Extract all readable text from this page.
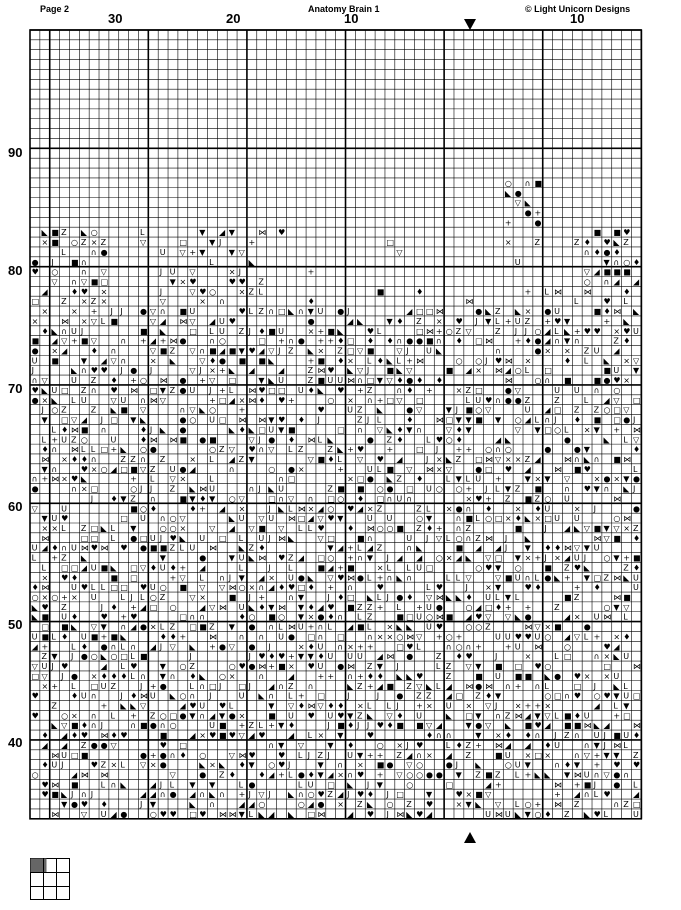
Page 2	Anatomy Brain 1	© Light Unicorn Designs
30	20	10	10
90
80
70
60
50
40
○ ∩ ■
◣ ●
▽ ◣
● +
+	●
◣ ■ Z ◣ ○	L	▼ ◢ ▼	⋈ ♥	■ ■ ♥
× ■ ○ Z × Z	▽	□	▼ J	+	□	×	Z	Z ♦ ♥ ◣ Z
L	∩ ●	U ▽ + ▼	▼ ▽	▽	∩ ♦ ● ♦
● J ■ ∩	L	◣	U	▼ ∩ ○ ♦
♥ ○	∩ ▽	J U ▽	× J	+	▽ ◢ ■ ■ ■
▽ ∩ ▽ ■ □	▼ × ♥	♥ ♥ Z	○ ∩ ◢ ◢
◢	♦ ♥ ×	J	▽ ♥ ○	× Z L	■	♦	+ L ⋈	⋈	♦
□	Z × Z ×	▽	× ∩	♦	⋈	L	♥ L
×	× + J J ● ▽ ∩ ■ U	♥ L Z ∩ □ ◣ ∩ ▼ U ● J	◢ □ □ ⋈	● ◣ Z ◣ × ● U	■ ♦ ⋈ ◣
×	⋈ × ▽ L ■	▽ ◢ ⋈ ▽ ◢ U ♥	●	◢ ◣	▼ ♦ Z × ♥ J ▼ L + U Z + ♥ ▼	+ ◣
♦ ◣ ∩ U J	■ ◣	□ L U Z J ♦ ■ U	× + ■ ◣	♥ L	□ ⋈ + ○ Z ▽	Z J J ○ ◢ L ◣ + ♥ ♥ × ♥ U
■ ◢ ▽ + ■ ▽	∩ + ◢ + ⋈ ●	∩ ○	□ + ∩ ● + + ♦ □ ♦ ♦ ∩ ● ● ■ ∩ ♦ □ ⋈	+ ♦ ● ◢ ∩ ▼ ∩	Z ♦
● × ◢	♦ ∩	▽ ■ Z ▽ ∩ ■ ◢ ■ ▼ ♥ ◢ ▽ J Z ◣ × Z □ ▽ ■	▽ J U ◣	∩	● × × Z U ◢
U ■	▼ ◢ ▽ ∩	× ◣	▽ ♦ ● ■ ■ ◣	+ ■ ♦ × L ♦ ◣ L + ⋈	○ ○ J ♥ ⋈ ×	♦ L ◣ × ▽
J	◣ ∩ ♥ ♥ J ● J	▽ J × + ◣ ◢	◢	Z ⋈ ♥ ◣ ▽ J ■ ◣ ▽	■ ◢ × ⋈ ◢ ○ L □	■ U ▼
∩ ▽	U Z ♦ + ○ ⋈ ● + ▽ □	▼ ◣ U	Z ■ U U ⋈ ∩ □ ▼ ▽ ♦ ● ♦ ♦	⋈	○ ∩ ■	■ ● ♥ ×
♥ ◣ U □ Z ∩ ♥ ⋈ □ ▼ Z ● U J + L ⋈ ♥ □ □ U ♦ ◣ ♥ + Z	∩ ♦ +	× Z □	● ▽	U U ∩ ○
● × ◣ L U	▽ U ∩ ⋈ ▽	+ □ ◢ × ⋈ ♦ ♥ +	○ × ∩ + □ ▽ □	L U ♥ ∩ ● ● Z	Z	L ◢ ▽ □
J ○ Z	Z ◣ ■ ▽	∩ ▽ ◣ ○	+	♥	U Z ◣	● ▽	▼ J ■ ○ ▽	U ◢ □ Z Z ○ □ ▽
▼ □ ▽ ◢ J □ ▼ ◣	● ○ U □ ⋈ ⋈ ▼ ♥ ♦ J	Z J L	♦	⋈ □ ▼ ▼ ■ ▼ ○ ◢ L ∩ J ♦ ■ □ ● J
L ♦ ⋈ ■ ∩	♦ J ◣ ●	◣ ♦ ◣ □ U ▼ ■	□ ∩ ▽ ◣ ♦ ▼ ∩	▽ ♦ ▼	▽ ▼ □ ○ L × ▼ + ⋈
L + U Z ○	U	♦ ⋈ ⋈ ■ ● ■	▽ J ● ♦ ⋈ L ◣	● Z ♦	L ♥ ○ ♦	◢ ◣	●	◣ L ▽
♦ ∩ ⋈ L L □ + ◣ ○ ●	○ Z ▽ ♥ ∩ ▽ L Z	Z ◣ + ♥	+	□ J + + ○ ∩ ○	●	● ▼	♦
⋈ × ♦ ♦ ∩	Z Z ∩ Z	× L ◢ Z ▼	▽ ■ ♦ L ▽ ♥ ◢	J × ◣ Z □ ⋈ ▽ × × Z ◢	⋈ ∩ ◣ ∩ ■ ⋈
▼ ∩	♥ × ○ ◢ □ ■ ▽ Z U ● ◢	∩	○ ● ×	+	U L ■ ▽ ⋈ × ▽	● □ ♥ ◢	⋈ ■ ♥	L
∩ + ⋈ × ♥ ◣	+ L ▽ ×	L	∩ □	× □ ● ◣ Z ♦	L ▼ L U +	▼ × ▼ ▽	× ● × ▼ ●
●	∩ × □	○ J J Z ◣ ⋈ U	∩ J ◣ U	Z ■ ■ ○ ● □ U ○ ○ + J L ▼ Z ■	∩ ♥ ▼ ∩ ◣ J
J ♦ ▼ Z ∩	■ ▼ ♦ ▼ ○ ▽	□ ∩ ▽ ∩ □ ○ ♦ □ ∩ U ∩	× ♥ + Z ■ Z ○ U	⋈
▽	U	■ ○ ♦	♦ + ◢ ×	J ◣ L ⋈ × ◢ ○ ♥ ◢ × Z	Z L × ● ∩ ♦	× ♦ U	× J	●
▼ U ♥	□ U ∩ ○ ▽	◣ U ▽ U ⋈ □ ◢ ▽ ♥ ▼	U U	○ ▼	∩ ■ L ○ □ × ♦ ◣ × □ U U	○ ⋈
× × L Z □ ◣ L ▼	○ ○ ×	▽ ◢ ▽ ■ ▽ L L ♥	♦ ⋈ ○ ○ ■ Z ♦ + ∩ Z	■	J ◢ ◣ ▽ ■ ▼ ▽ × Z
⋈	□ □ L ● □ U J ♥ ◣ U □ L U J ⋈ ◣	▽ □	■ ∩	U J ▽ L ○ ∩ Z ⋈ J ◣	⋈ ▽ ■ ♦
U ◢ ♦ ∩ U ⋈ ♥ ⋈ ♥ ● ■ ■ Z L U ⋈	◣ Z ♦	▼ ◢ + L ◢ Z	∩ ◣	■ ◢ ◢ J ▼ ♦ ♦ ⋈ ▽ ▼ U
L + Z ◣	▼	●	▼ U ◣ ⋈ ♥ Z ◢ □ ○ + ∩ ▼ J ◢ ◢ ○ × ◢ ◣ ▽ □ ▼ × + J × ◢ U J ○ ▼ + ■
L □ □ ◢ U ■ ◣ □ ▽ ♦ U ♦ + ◢	L	J L	■ ◢ + ■	× L L U □	○ ♥ ▼ ○	■ Z ♥ ◣	Z ♦
× ♥ ♦	■ □	+ ▽ L ∩ J ▼ ◢ × U ● ◣ ▽ ♥ ⋈ ● L + ∩ ◣ ∩	L L ▽	▽ ■ U ∩ L ● ◣ + ▼ □ Z ⋈ ◣ U
♦ ⋈	U ♥ L L □ □ ♥ U ○ ■ ▽ ▽ ⋈ ○ × ∩ ◢ ♦ ♥ □ ♦ + ∩	♥	L ♥	J × ▼	♥ ♦	+ ♦	U
○ × ○ + × U	L J L ○ Z	▽ ×	■ J +	∩ ▼	J ♦ □ ◣ L J ● ♦ ▽ ⋈ ◣ ◣ ♦ U L ▼ L	■ Z	⋈ ■
◣ ♥ Z	J ♦ + ◢ □ ○	◢ ▽ ⋈ U ◣ ♦ ▼ ⋈ ▼ ♦ ◢ ♥ ■ Z Z + L + U ●	○ ◢ □ ♦ + +	Z	○ ▼ ▽
◣ ■ U ♦	♥ + ♥	□ ∩ ∩	♦ ○ ■ ○ ▼ × ● ♦ ∩ L Z	■ □ U ○ ⋈ ■ ◢ ♥ ▽ ▽ ◣ ●	◢ × U ⋈ L
□ ■ ◣ ▽ ▼ ∩ ◢ ● × L Z □ ■ Z ▼ ● ∩ L ⋈ U + ∩ L ◢ ■ L × ◣ ◣ U ♥	○ ○ Z	⋈ ▽ × ■	●
U ■ L ♦ U ■ + ■ ◣	♦ ♦ +	⋈	∩ ∩ U ● □ ∩ □	∩ × × ○ ⋈ ▽ + ○ +	U U ♥ ♥ U ○ ◢ ▽ L + × ♦
◢ +	L ♦ ● ∩ L ∩ ◢ J ▽ ◣ + ● ▽ ● J	× ♦ U ∩ × + +	□ ♥ L	∩ ○ ∩ +	+ U ⋈	○	♥ ◢
Z ▼ J ● ○ ◣ ○ □ L ■	J	J ♥ ♦ ♥ + ▼ ▼ ♦ U U U ◢ ⋈ ●	Z ♦ ♥	J	×	L □	∩ × ◣ U
▽ U J ♥	◢ L ♥	▼ ○ Z	○ ♥ ● ⋈ + ■ × ♥ U ● ⋈ Z ▼ J	L Z ▽ ▼ ■ □ ♥ ○	□	⋈
□ ▽ J ● × ♦ ♦ ♦ L ∩ ▼ ∩ ♦ ◣ ○ ×	∩	◢	+ + ∩ + ♦ ♦ ◣ ◣ ♥	Z	■ U ■ ■ ◣ ● ♥ × × U
× + L □ U Z	J + ●	L ∩ □ J □ J ◢ ∩ Z ∩	◣ Z + ◢ ■ Z ▽ ◣ L ◢ ⋈ ● ⋈ ∩ + ∩ L	□ J ◣ L
♥	♦ U ∩	J ♦ ⋈ U ◣ ○ ∩ J	U ◣ ∩ L + □	J	J ● Z Z ◢ □ Z ♦ ▼	○ □ ∩ ♥ ○ ♥ ▼ U □
Z	+ ◣ ◣ ▽	◢ ♥ U ♥ L	▼ ▽ ♦ ⋈ ▽ ♦ ♦ × L L J + × U × ▽ J × + + ×	◢ L ▼
♥	○ × ∩ L + Z ○ □ ● ▼ ∩ ◢ ▼ ● ×	■ U ♥ U ♥ ▼ Z ◣ ▽ ♦ U	◣ □ ▼ ∩ Z ⋈ ◢ ▼ ▽ L ■ ♦ U	+ □
◣ ▽ ■ ♦ ∩ J	∩ ■ ● ∩ ○	U ■ + Z L + ▼ ♦	J ■ ♦ J J ♥ ♦ ■ ■ ▽ ◢	▼ ● ▽ ◣ ■ ♥ ◢ ■ ■ ⋈ ◣ ◢	⋈
♦ ◢ ♦ ♥ ⋈ ♦ ♥	■	◢ × ♥ ■ ♥ ▽ ◢ ♥	◢ L × ▼	♥	♦ ∩ ∩	▼ × ♦ ♦ ∩ J Z ∩ U J ■ U ♦
◢ ◢ Z ● ● ▽	♥ □	∩ ▼ ▽	▼ ♦	○ × J ♥	L ♦ Z + ⋈ ◢ ◢ ♦ U	∩ ▼ J ⋈ L
⋈ U □ ■	● + ● ∩ ♦ ○	▽ ⋈ ♥	♥ L J Z J U ▼ + + Z ◢ ∩ × ◢ Z	■ U × □ ×	∩ ▽ + ▼ ▼ Z
♦ U J	♥ Z × L ▽ × ●	◣ × ◣ ♦ ▼ ○ ♥ J	▼ ∩ × ■ ● ▽ ○	● J ◣	○ U ▼	∩ ♦ ▼ + ♥ ♥
○	◢ ⋈ ⋈	▽	● Z ♦	♦ ◢ + L ● ♦ ▼ ◢ × ∩ ♥ + ▽ ○ ○ ● ● ▼ Z ■ Z L + ◣ ◣ ▼ ⋈ U ∩ ▽ ● ∩
♥ ⋈ ■	L ∩ ◣	◢ J L ▼ ▼	L ●	L U □ ◣ J ▼	○	□	◢ +	⋈ + ■ J ● L
♥ ■ ◣ J ∩ J	◢ ◢ ∩ ● ◢ ∩ ◣ ∩ + J ▽ J ◣ ∩ ○ ♥ Z ◢ J ♥ ♦ J □	▼	♥ × ■ ▽	+ ◢ ∩ L ♥	◢
▼ ● ♥ ♦	J ▼	◣ ∩	◢ ◢ ○	○ ◢ ● × Z ◣ ○ Z ♥	× ▼ ◣ ▽ L ○ + ⋈ Z	∩ Z □
⋈	▽ U ◢ ●	○ ♥ ♥ □ ♥ ⋈ ⋈ ▼ L ◣ ◢ ◣ □ ⋈	◢ ♥ J ⋈ ◣ ♥ ◢	U ⋈ U ◣ ▼ ○ ♦ Z ◣ ♥ L	U
